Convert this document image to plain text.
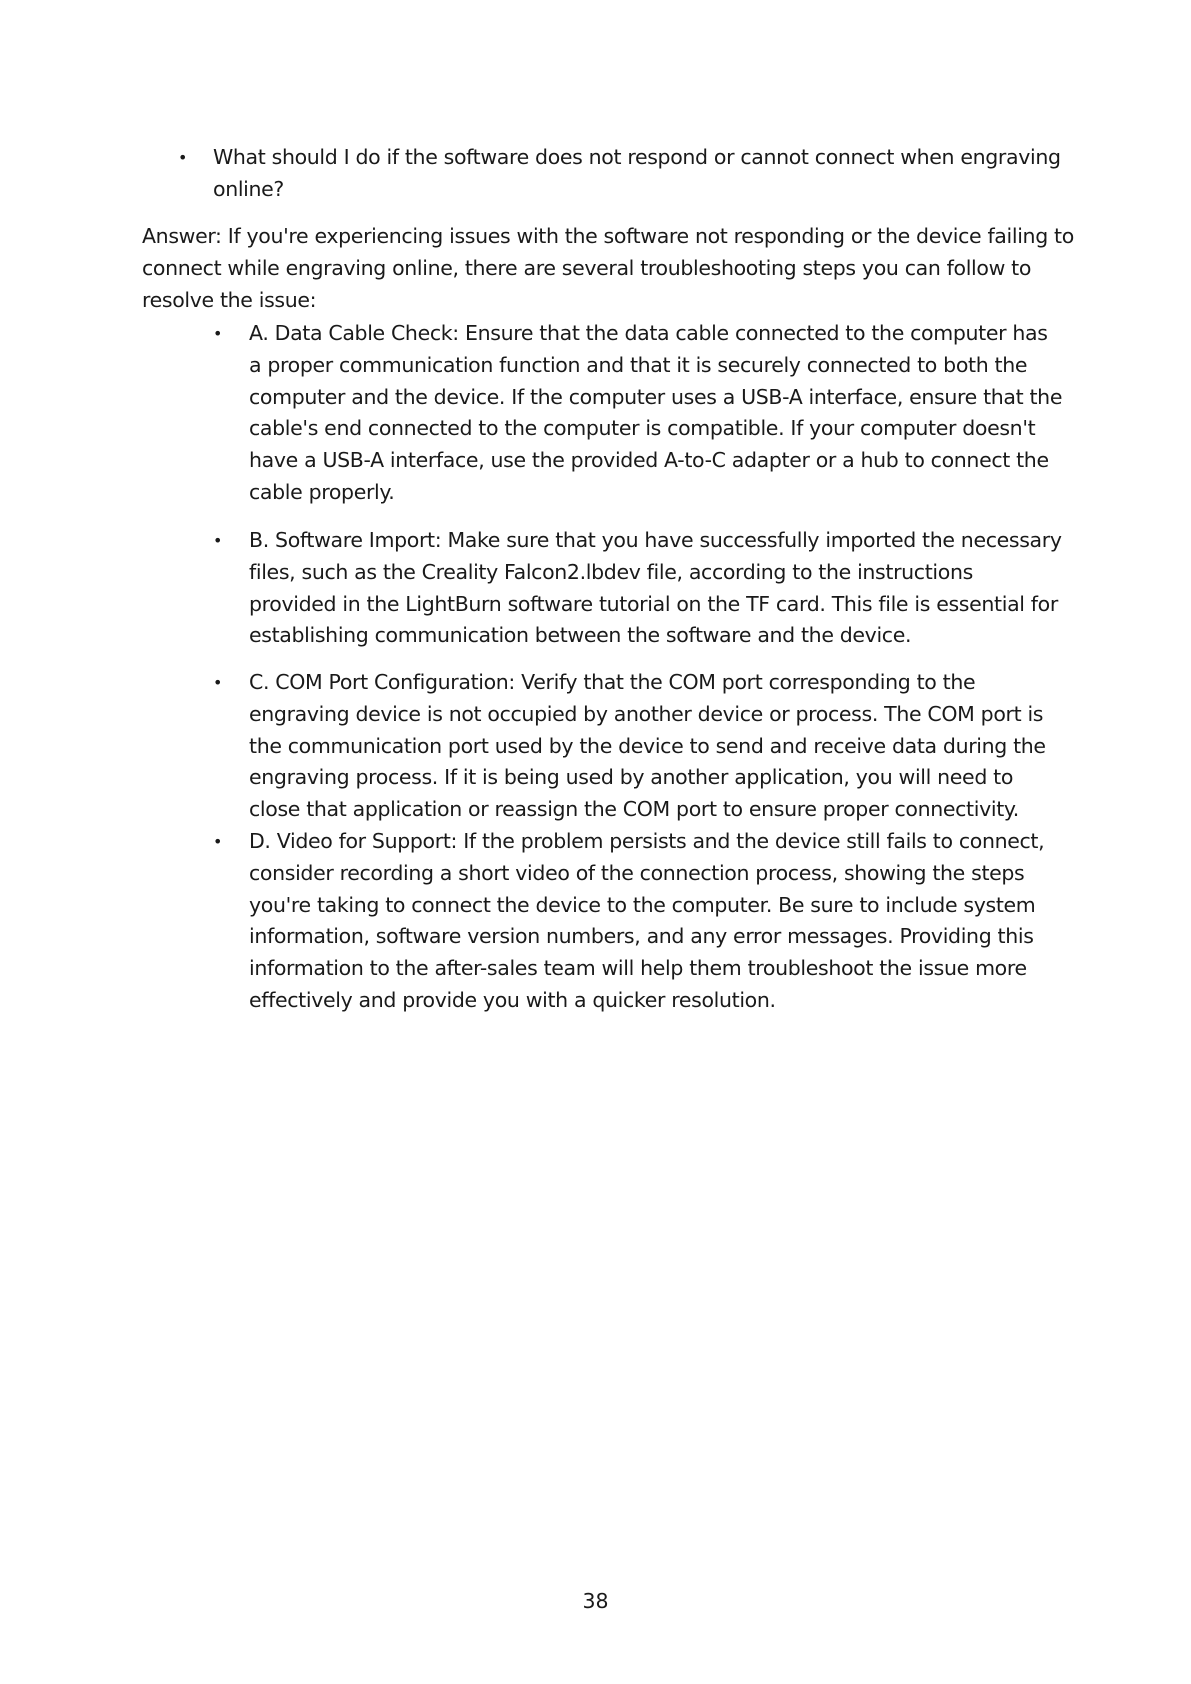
• What should I do if the software does not respond or cannot connect when engraving online?
Answer: If you're experiencing issues with the software not responding or the device failing to connect while engraving online, there are several troubleshooting steps you can follow to resolve the issue:
• A. Data Cable Check: Ensure that the data cable connected to the computer has a proper communication function and that it is securely connected to both the computer and the device. If the computer uses a USB-A interface, ensure that the cable's end connected to the computer is compatible. If your computer doesn't have a USB-A interface, use the provided A-to-C adapter or a hub to connect the cable properly.
• B. Software Import: Make sure that you have successfully imported the necessary files, such as the Creality Falcon2.lbdev file, according to the instructions provided in the LightBurn software tutorial on the TF card. This file is essential for establishing communication between the software and the device.
• C. COM Port Configuration: Verify that the COM port corresponding to the engraving device is not occupied by another device or process. The COM port is the communication port used by the device to send and receive data during the engraving process. If it is being used by another application, you will need to close that application or reassign the COM port to ensure proper connectivity.
• D. Video for Support: If the problem persists and the device still fails to connect, consider recording a short video of the connection process, showing the steps you're taking to connect the device to the computer. Be sure to include system information, software version numbers, and any error messages. Providing this information to the after-sales team will help them troubleshoot the issue more effectively and provide you with a quicker resolution.
38
